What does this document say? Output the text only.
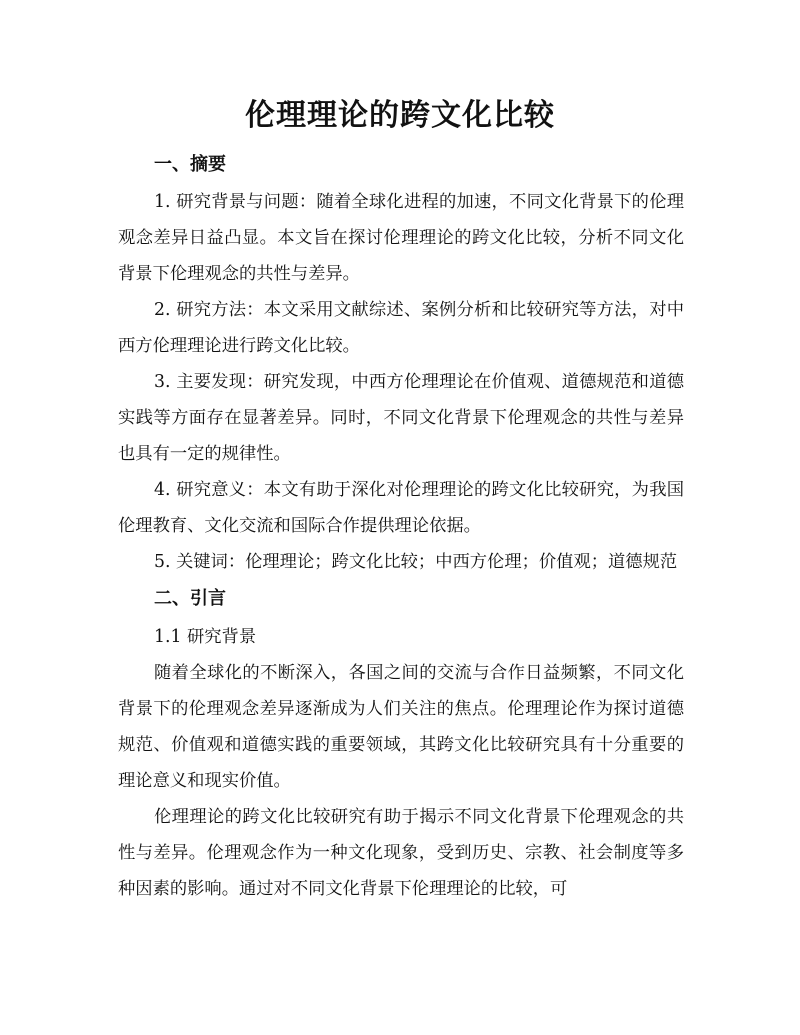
伦理理论的跨文化比较
一、摘要

1. 研究背景与问题：随着全球化进程的加速，不同文化背景下的伦理观念差异日益凸显。本文旨在探讨伦理理论的跨文化比较，分析不同文化背景下伦理观念的共性与差异。

2. 研究方法：本文采用文献综述、案例分析和比较研究等方法，对中西方伦理理论进行跨文化比较。

3. 主要发现：研究发现，中西方伦理理论在价值观、道德规范和道德实践等方面存在显著差异。同时，不同文化背景下伦理观念的共性与差异也具有一定的规律性。

4. 研究意义：本文有助于深化对伦理理论的跨文化比较研究，为我国伦理教育、文化交流和国际合作提供理论依据。

5. 关键词：伦理理论；跨文化比较；中西方伦理；价值观；道德规范

二、引言

1.1 研究背景

随着全球化的不断深入，各国之间的交流与合作日益频繁，不同文化背景下的伦理观念差异逐渐成为人们关注的焦点。伦理理论作为探讨道德规范、价值观和道德实践的重要领域，其跨文化比较研究具有十分重要的理论意义和现实价值。

伦理理论的跨文化比较研究有助于揭示不同文化背景下伦理观念的共性与差异。伦理观念作为一种文化现象，受到历史、宗教、社会制度等多种因素的影响。通过对不同文化背景下伦理理论的比较，可
